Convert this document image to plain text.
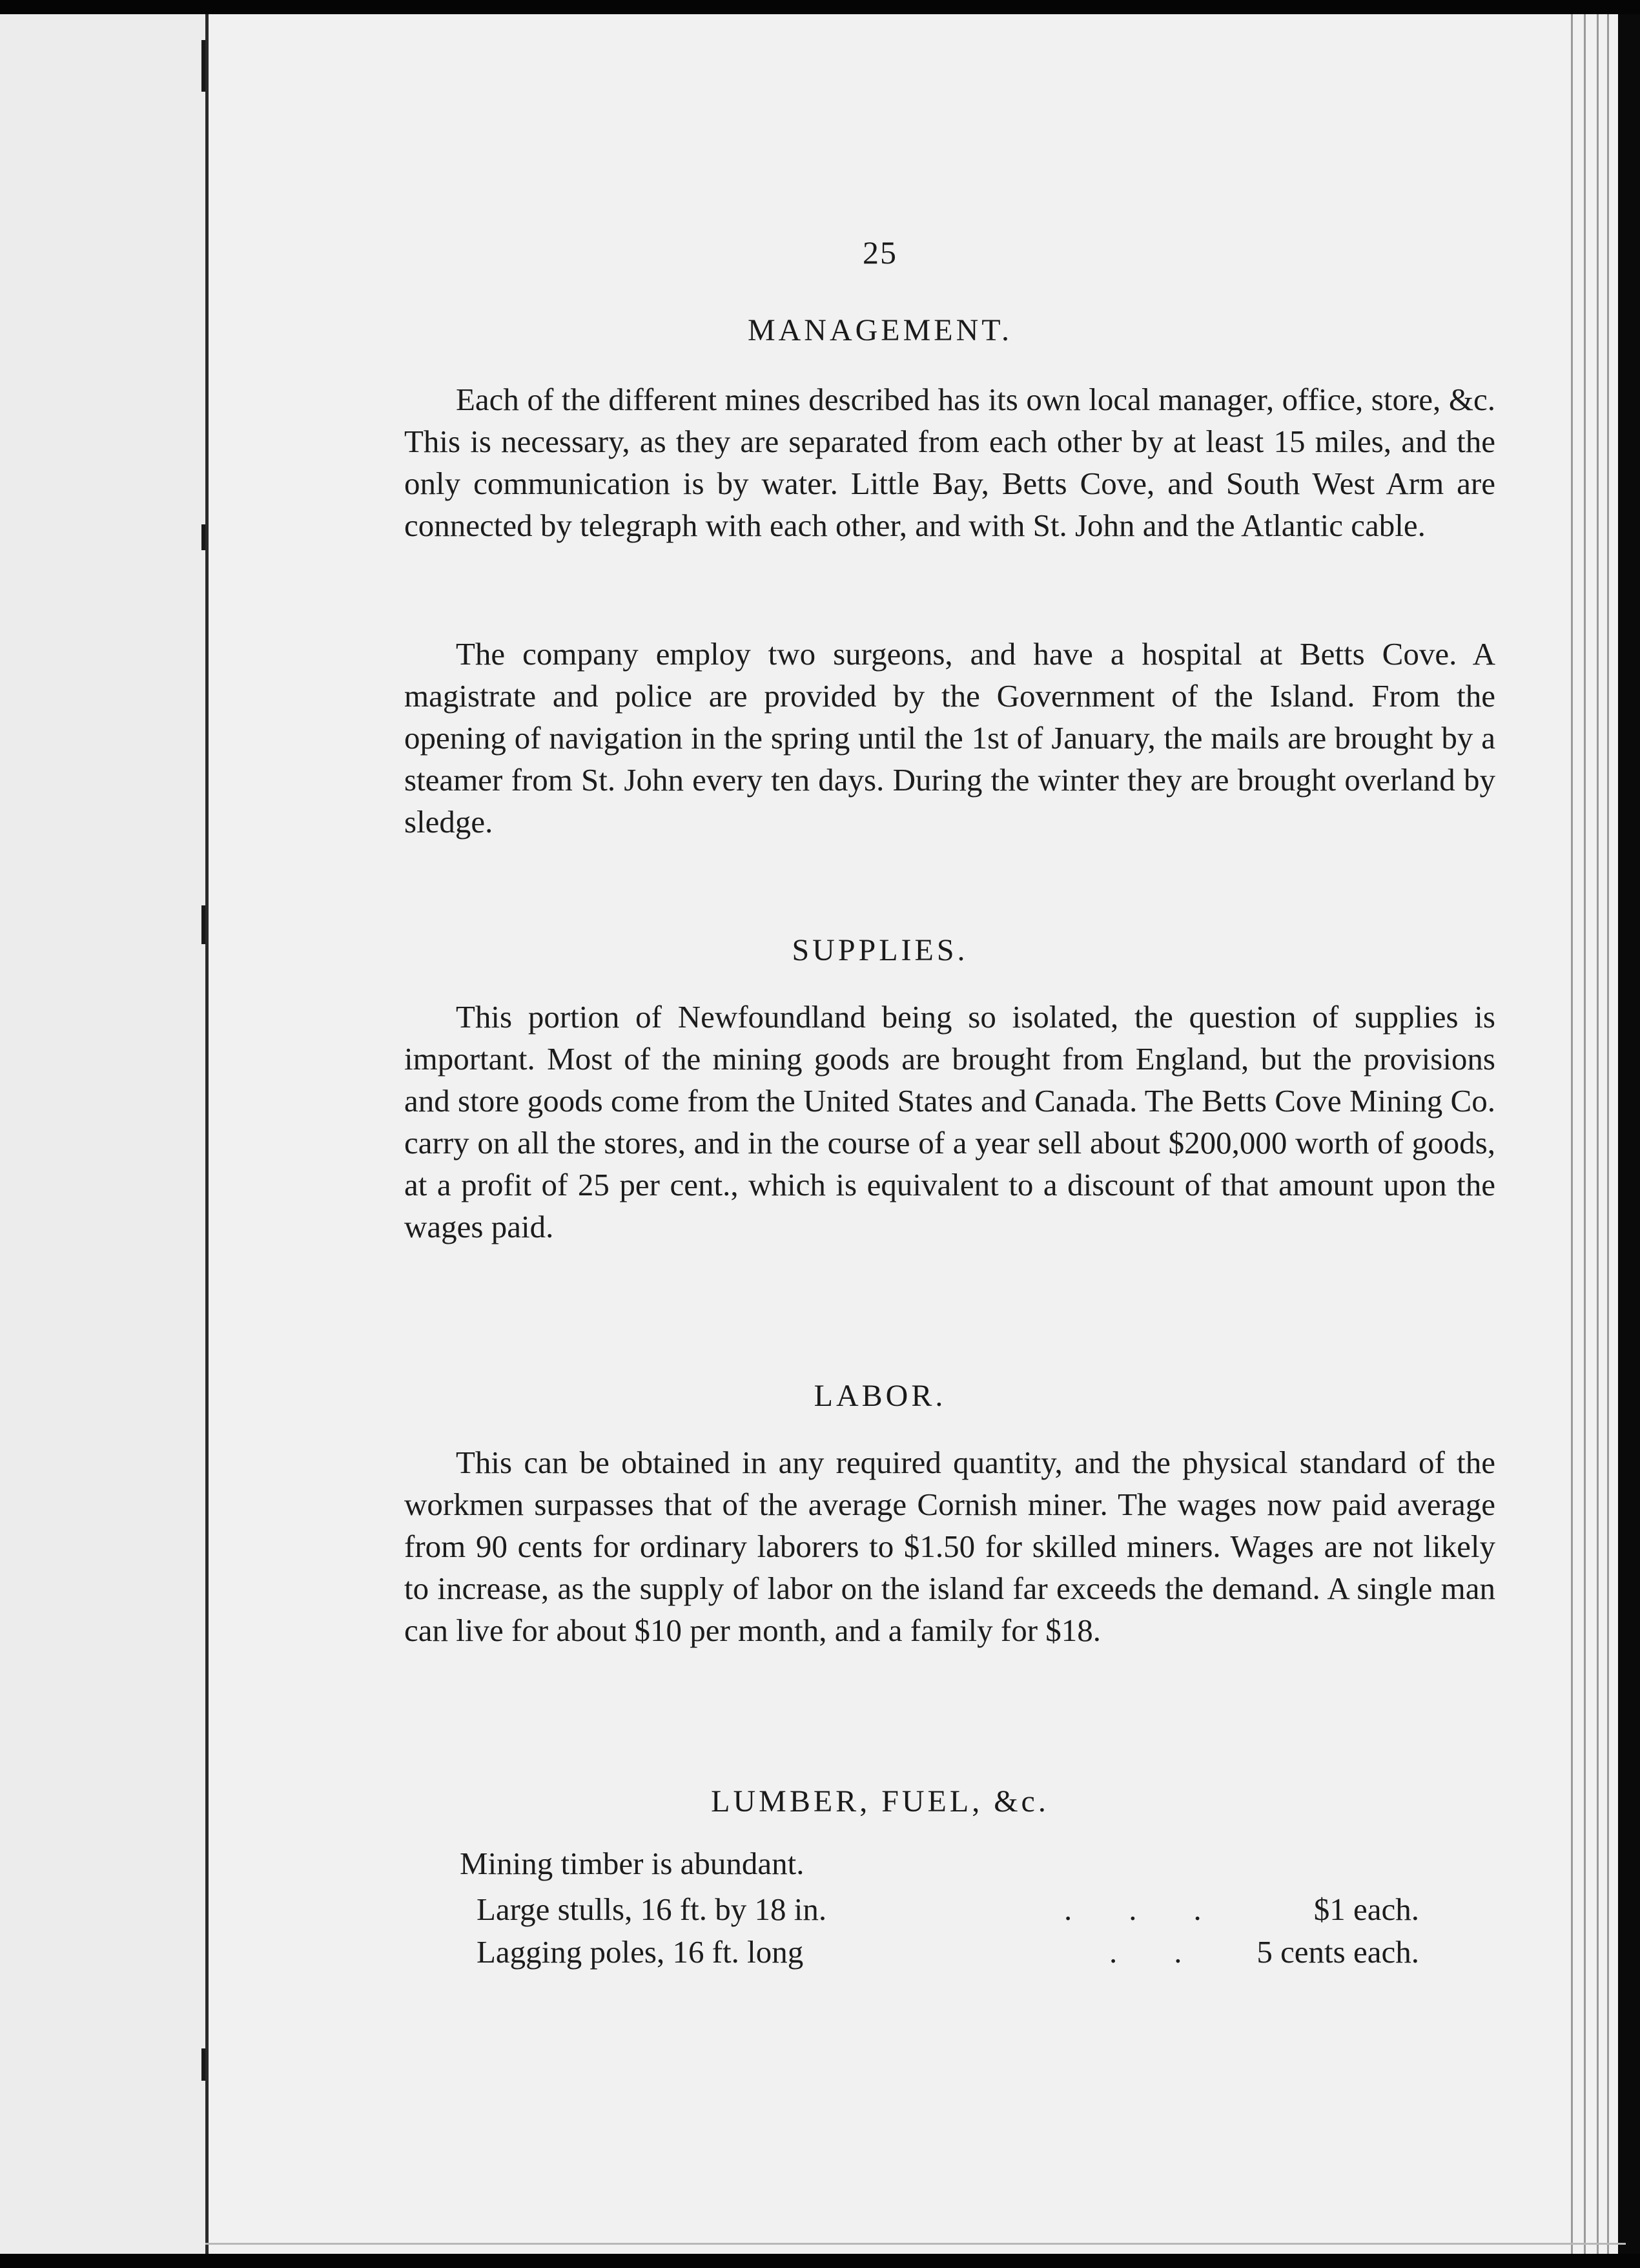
25

MANAGEMENT.

Each of the different mines described has its own local manager, office, store, &c. This is necessary, as they are separated from each other by at least 15 miles, and the only communication is by water. Little Bay, Betts Cove, and South West Arm are connected by telegraph with each other, and with St. John and the Atlantic cable.

The company employ two surgeons, and have a hospital at Betts Cove. A magistrate and police are provided by the Government of the Island. From the opening of navigation in the spring until the 1st of January, the mails are brought by a steamer from St. John every ten days. During the winter they are brought overland by sledge.

SUPPLIES.

This portion of Newfoundland being so isolated, the question of supplies is important. Most of the mining goods are brought from England, but the provisions and store goods come from the United States and Canada. The Betts Cove Mining Co. carry on all the stores, and in the course of a year sell about $200,000 worth of goods, at a profit of 25 per cent., which is equivalent to a discount of that amount upon the wages paid.

LABOR.

This can be obtained in any required quantity, and the physical standard of the workmen surpasses that of the average Cornish miner. The wages now paid average from 90 cents for ordinary laborers to $1.50 for skilled miners. Wages are not likely to increase, as the supply of labor on the island far exceeds the demand. A single man can live for about $10 per month, and a family for $18.

LUMBER, FUEL, &c.

Mining timber is abundant.

Large stulls, 16 ft. by 18 in.	... $1 each.
Lagging poles, 16 ft. long	.. 5 cents each.
